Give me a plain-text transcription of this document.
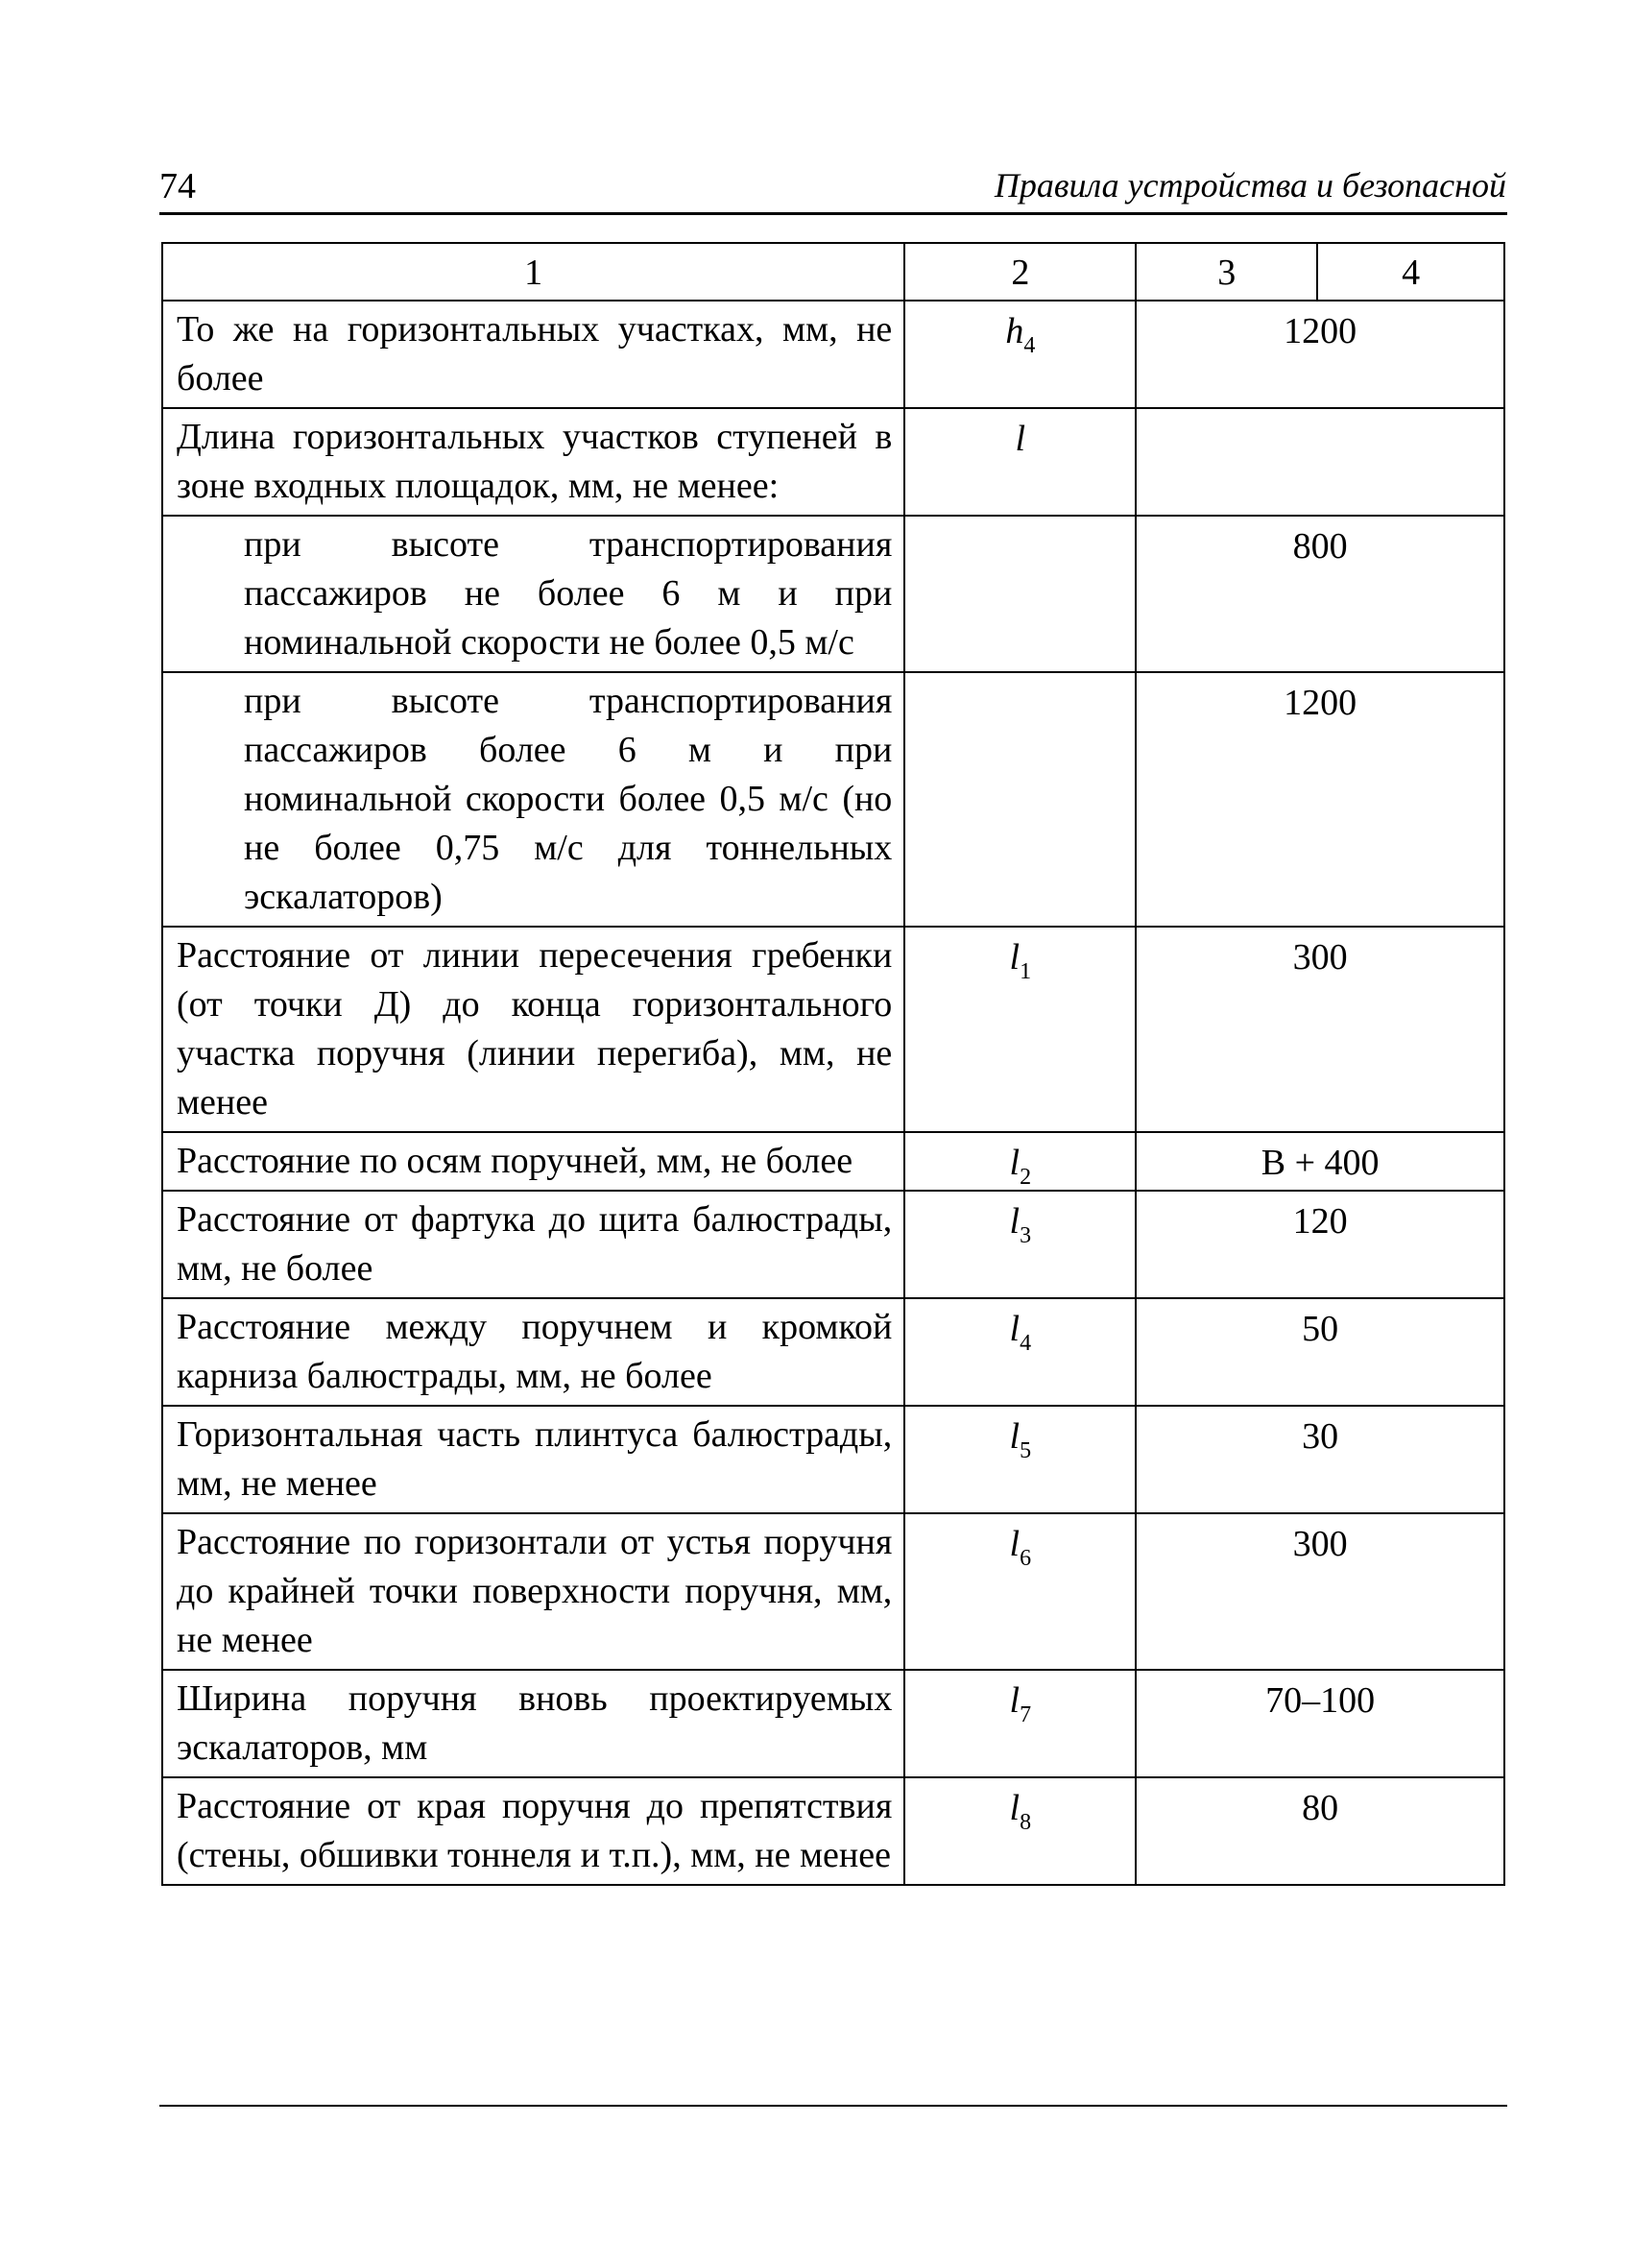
74	Правила устройства и безопасной
1	2	3	4
То же на горизонтальных участках, мм, не более	$h_4$	1200	
Длина горизонтальных участков ступеней в зоне входных площадок, мм, не менее:	l		
при высоте транспортирования пассажиров не более 6 м и при номинальной скорости не более 0,5 м/с		800	
при высоте транспортирования пассажиров более 6 м и при номинальной скорости более 0,5 м/с (но не более 0,75 м/с для тоннельных эскалаторов)		1200	
Расстояние от линии пересечения гребенки (от точки Д) до конца горизонтального участка поручня (линии перегиба), мм, не менее	$l_1$	300	
Расстояние по осям поручней, мм, не более	$l_2$	В + 400	
Расстояние от фартука до щита балюстрады, мм, не более	$l_3$	120	
Расстояние между поручнем и кромкой карниза балюстрады, мм, не более	$l_4$	50	
Горизонтальная часть плинтуса балюстрады, мм, не менее	$l_5$	30	
Расстояние по горизонтали от устья поручня до крайней точки поверхности поручня, мм, не менее	$l_6$	300	
Ширина поручня вновь проектируемых эскалаторов, мм	$l_7$	70–100	
Расстояние от края поручня до препятствия (стены, обшивки тоннеля и т.п.), мм, не менее	$l_8$	80	
